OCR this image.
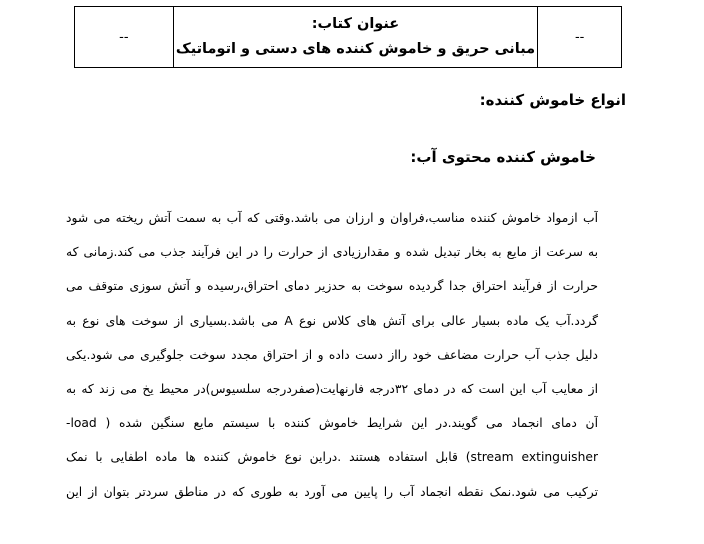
--
عنوان کتاب:
مبانی حریق و خاموش کننده های دستی و اتوماتیک
--
انواع خاموش کننده:
خاموش کننده محتوی آب:
آب ازمواد خاموش کننده مناسب،فراوان و ارزان می باشد.وقتی که آب به سمت آتش ریخته می شود
به سرعت از مایع به بخار تبدیل شده و مقدارزیادی از حرارت را در این فرآیند جذب می کند.زمانی که
حرارت از فرآیند احتراق جدا گردیده سوخت به حدزیر دمای احتراق،رسیده و آتش سوزی متوقف می
گردد.آب یک ماده بسیار عالی برای آتش های کلاس نوع A می باشد.بسیاری از سوخت های نوع به
دلیل جذب آب حرارت مضاعف خود رااز دست داده و از احتراق مجدد سوخت جلوگیری می شود.یکی
از معایب آب این است که در دمای ۳۲درجه فارنهایت(صفردرجه سلسیوس)در محیط یخ می زند که به
آن دمای انجماد می گویند.در این شرایط خاموش کننده با سیستم مایع سنگین شده ( load-
stream extinguisher) قابل استفاده هستند .دراین نوع خاموش کننده ها ماده اطفایی با نمک
ترکیب می شود.نمک نقطه انجماد آب را پایین می آورد به طوری که در مناطق سردتر بتوان از این
